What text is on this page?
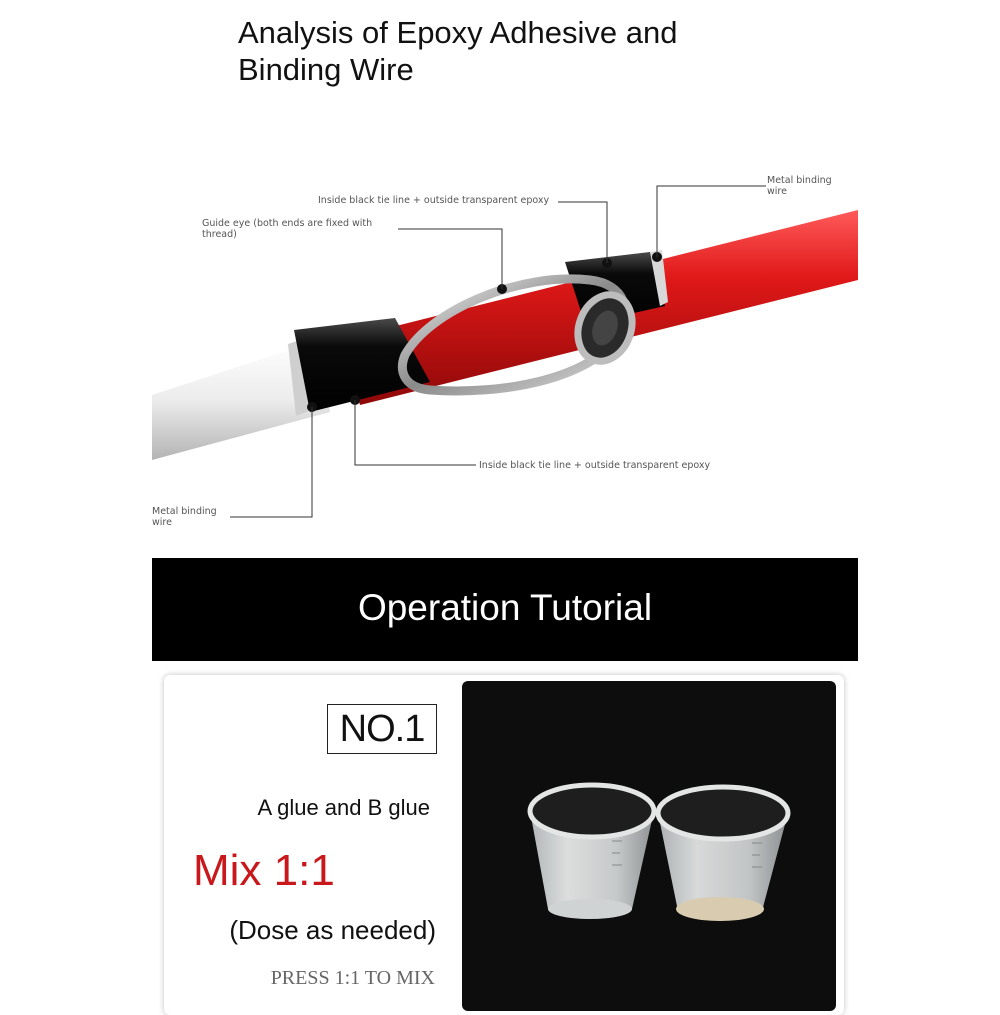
Analysis of Epoxy Adhesive and
Binding Wire
Metal binding
wire
Inside black tie line + outside transparent epoxy
Guide eye (both ends are fixed with
thread)
Inside black tie line + outside transparent epoxy
Metal binding
wire
Operation Tutorial
NO.1
A glue and B glue
Mix 1:1
(Dose as needed)
PRESS 1:1 TO MIX
